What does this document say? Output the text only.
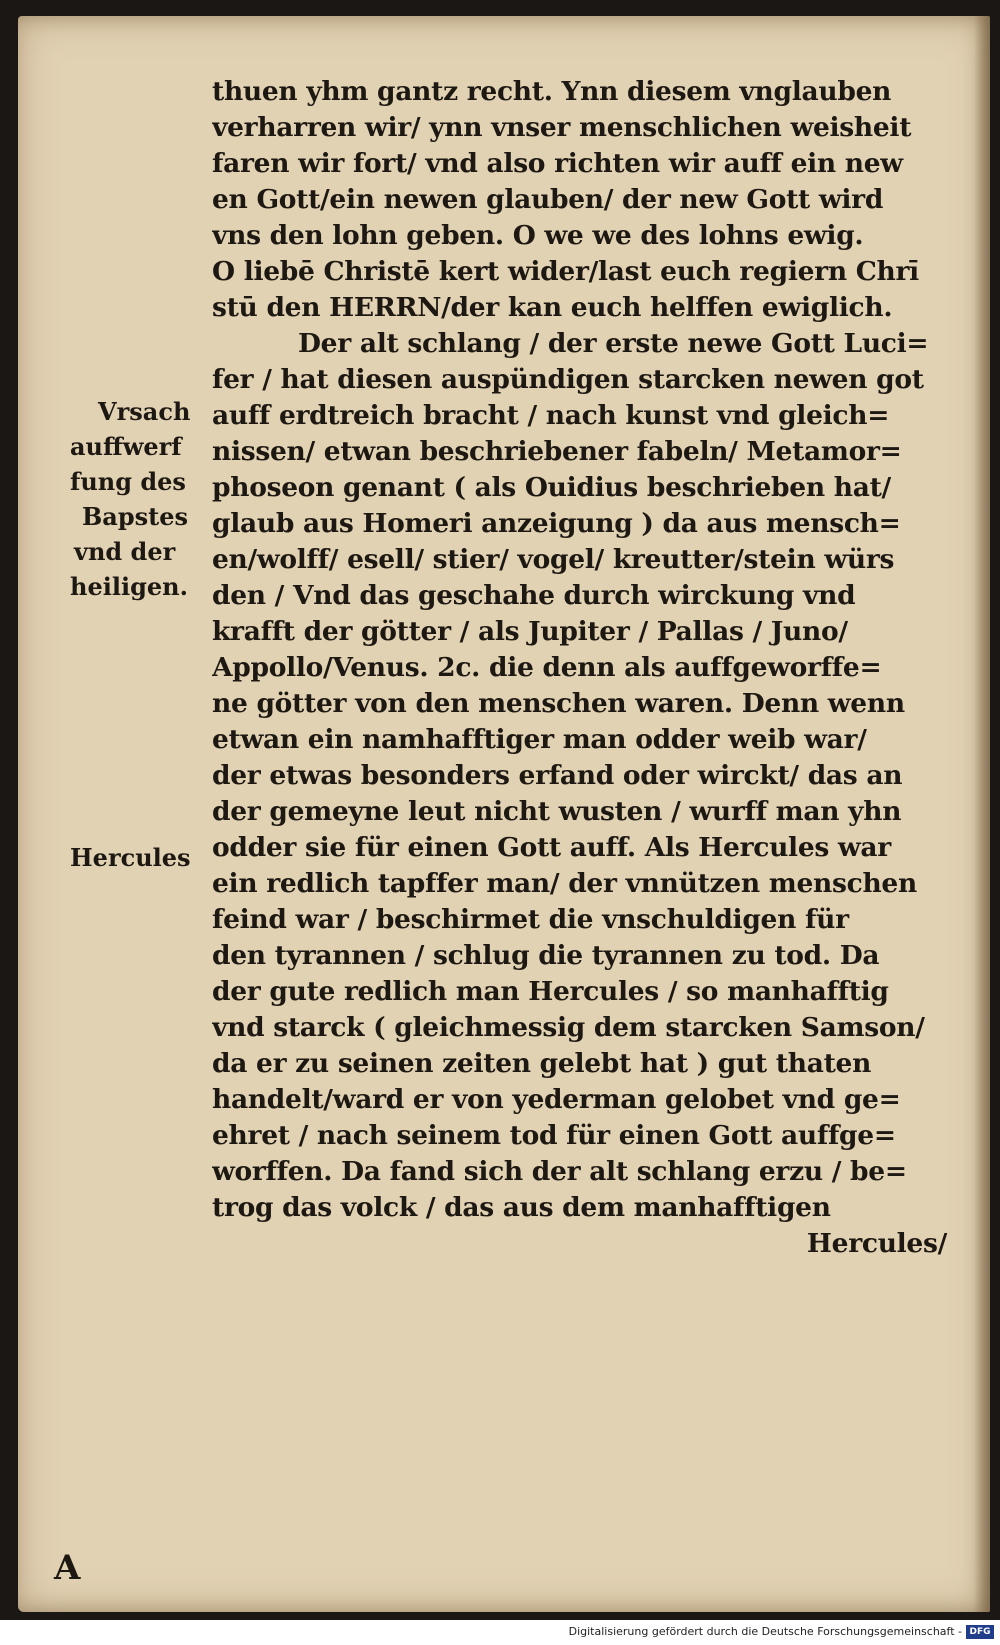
thuen yhm gantz recht. Ynn diesem vnglauben
verharren wir/ ynn vnser menschlichen weisheit
faren wir fort/ vnd also richten wir auff ein new
en Gott/ein newen glauben/ der new Gott wird
vns den lohn geben. O we we des lohns ewig.
O liebē Christē kert wider/last euch regiern Chrī
stū den HERRN/der kan euch helffen ewiglich.
Der alt schlang / der erste newe Gott Luci=
fer / hat diesen auspündigen starcken newen got
auff erdtreich bracht / nach kunst vnd gleich=
nissen/ etwan beschriebener fabeln/ Metamor=
phoseon genant ( als Ouidius beschrieben hat/
glaub aus Homeri anzeigung ) da aus mensch=
en/wolff/ esell/ stier/ vogel/ kreutter/stein würs
den / Vnd das geschahe durch wirckung vnd
krafft der götter / als Jupiter / Pallas / Juno/
Appollo/Venus. 2c. die denn als auffgeworffe=
ne götter von den menschen waren. Denn wenn
etwan ein namhafftiger man odder weib war/
der etwas besonders erfand oder wirckt/ das an
der gemeyne leut nicht wusten / wurff man yhn
odder sie für einen Gott auff. Als Hercules war
ein redlich tapffer man/ der vnnützen menschen
feind war / beschirmet die vnschuldigen für
den tyrannen / schlug die tyrannen zu tod. Da
der gute redlich man Hercules / so manhafftig
vnd starck ( gleichmessig dem starcken Samson/
da er zu seinen zeiten gelebt hat ) gut thaten
handelt/ward er von yederman gelobet vnd ge=
ehret / nach seinem tod für einen Gott auffge=
worffen. Da fand sich der alt schlang erzu / be=
trog das volck / das aus dem manhafftigen
Hercules/
Vrsach
auffwerf
fung des
Bapstes
vnd der
heiligen.
Hercules
A
Digitalisierung gefördert durch die Deutsche Forschungsgemeinschaft - DFG
